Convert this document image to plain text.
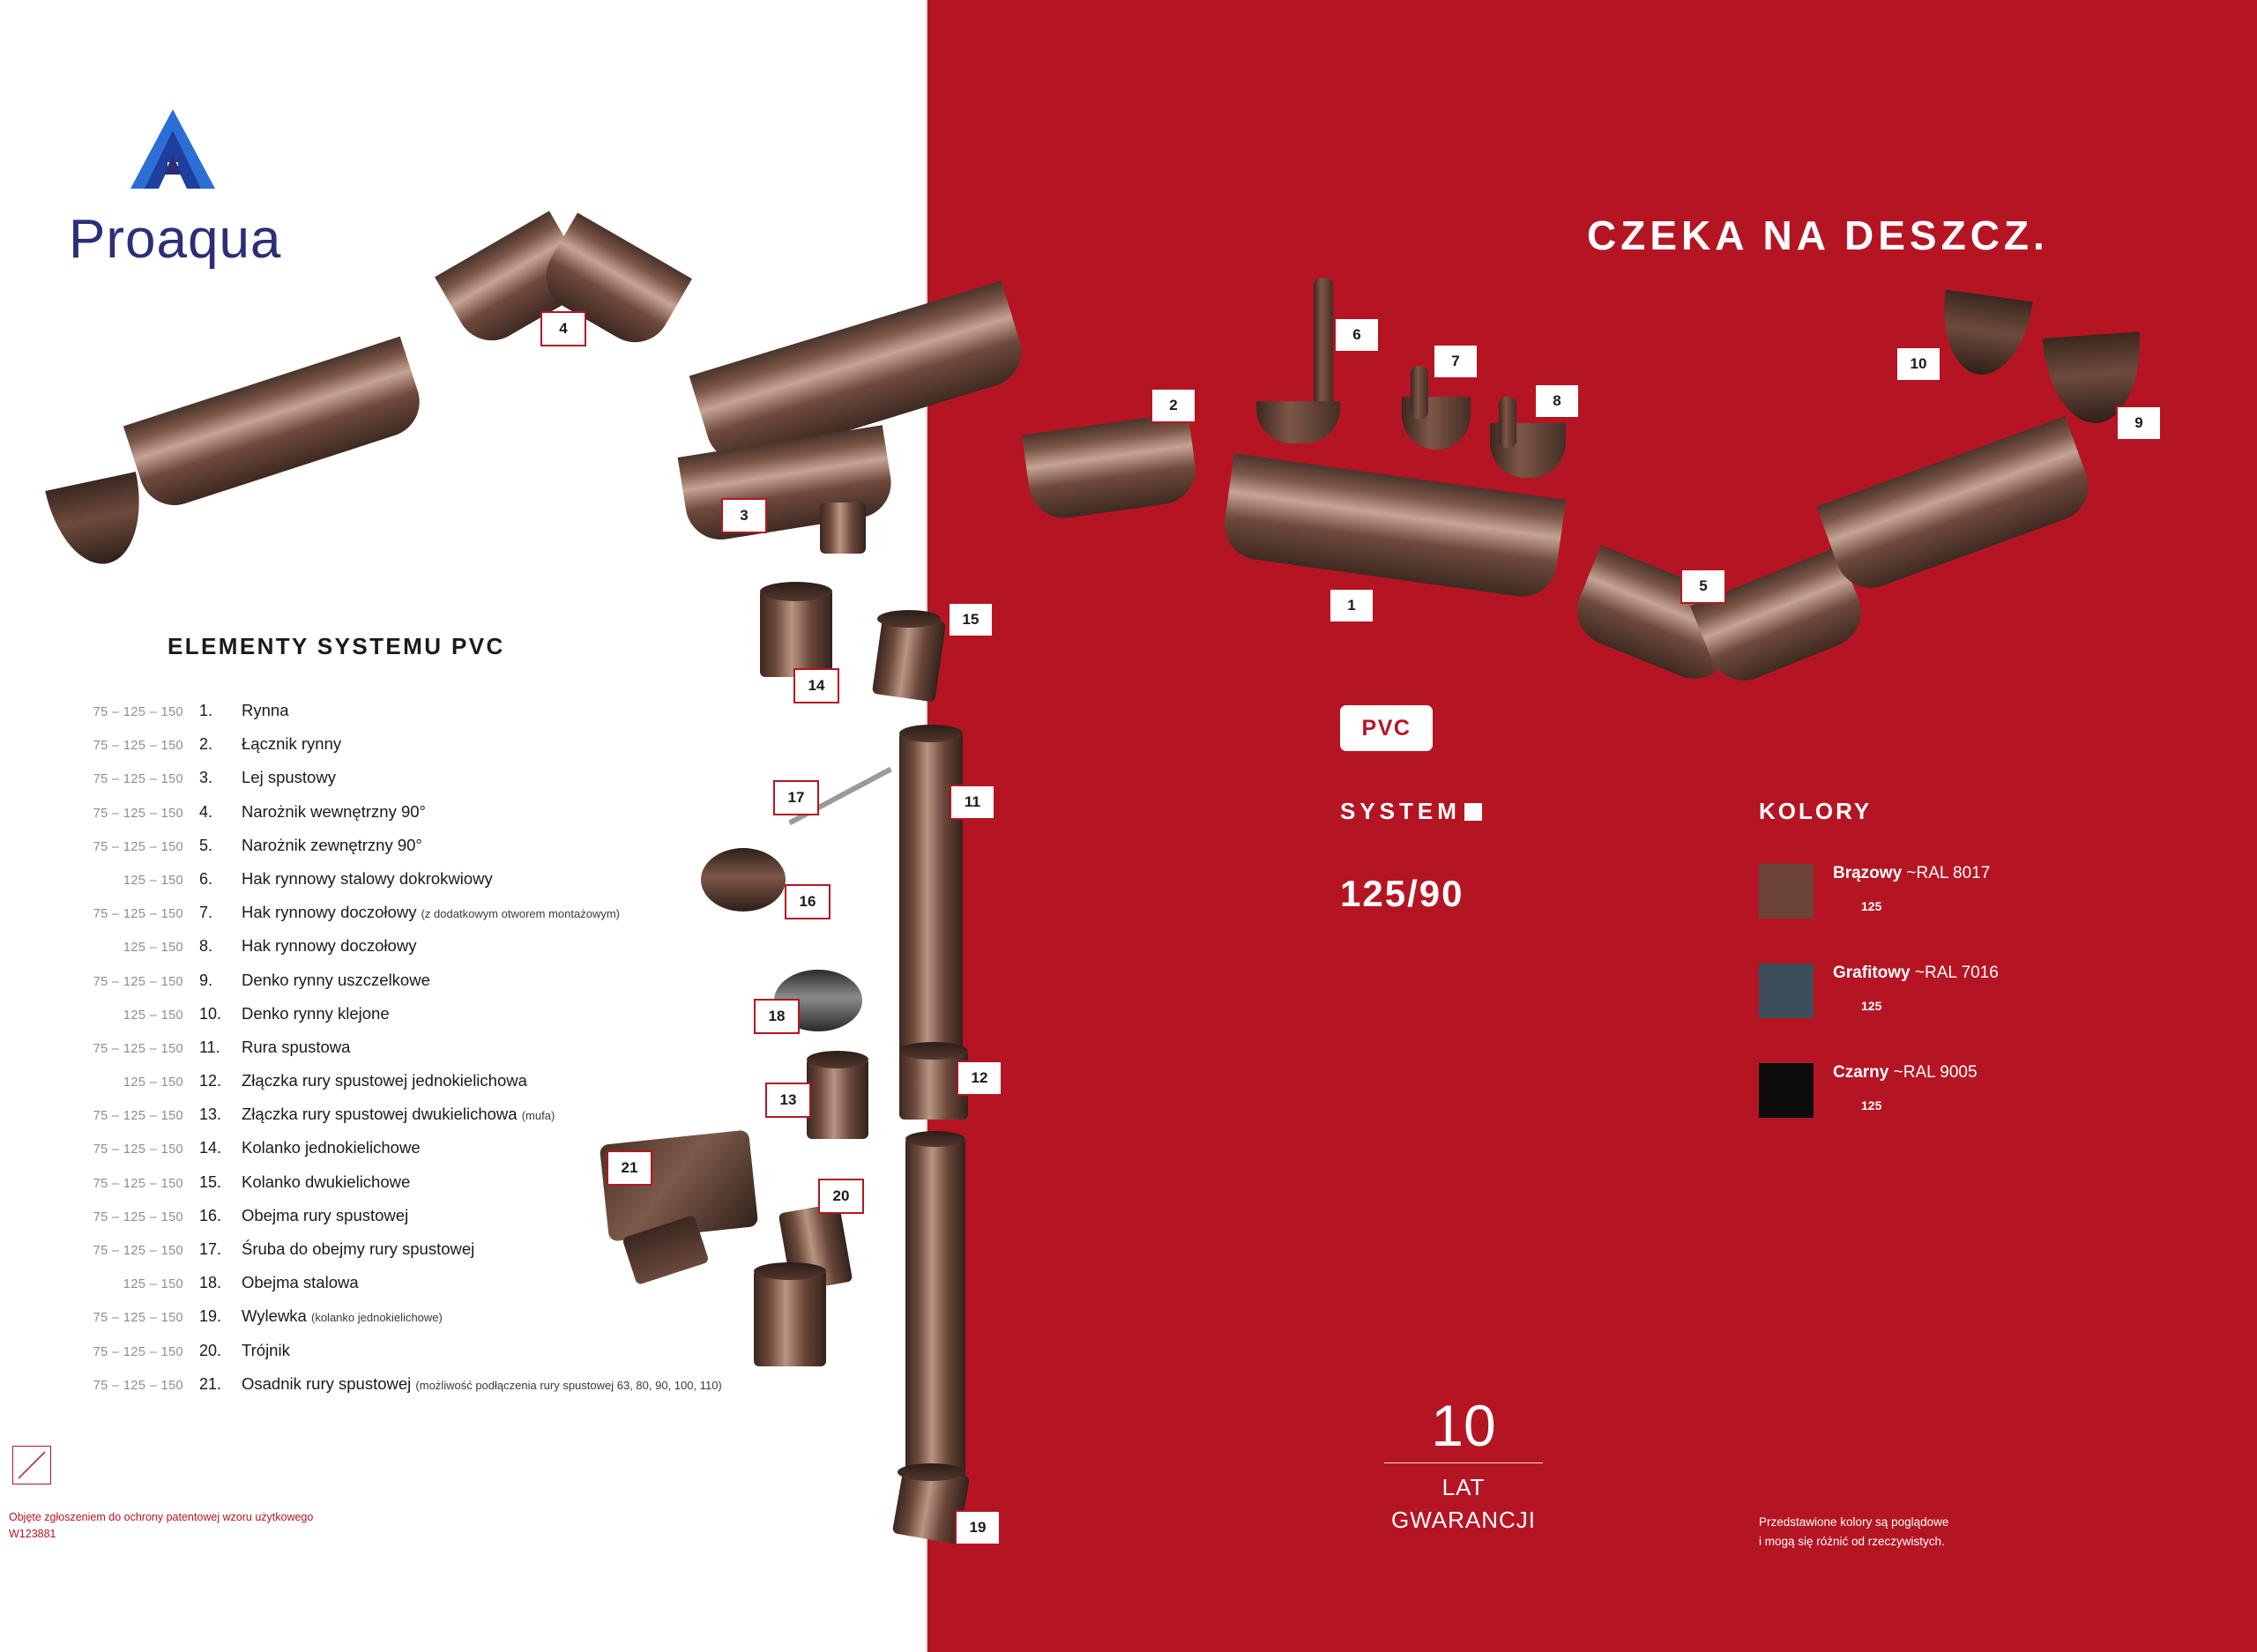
Proaqua
1
2
3
4
5
6
7
8
9
10
11
12
13
14
15
16
17
18
19
20
21
ELEMENTY SYSTEMU PVC
75 – 125 – 150	1.	Rynna
75 – 125 – 150	2.	Łącznik rynny
75 – 125 – 150	3.	Lej spustowy
75 – 125 – 150	4.	Narożnik wewnętrzny 90°
75 – 125 – 150	5.	Narożnik zewnętrzny 90°
125 – 150	6.	Hak rynnowy stalowy dokrokwiowy
75 – 125 – 150	7.	Hak rynnowy doczołowy (z dodatkowym otworem montażowym)
125 – 150	8.	Hak rynnowy doczołowy
75 – 125 – 150	9.	Denko rynny uszczelkowe
125 – 150	10.	Denko rynny klejone
75 – 125 – 150	11.	Rura spustowa
125 – 150	12.	Złączka rury spustowej jednokielichowa
75 – 125 – 150	13.	Złączka rury spustowej dwukielichowa (mufa)
75 – 125 – 150	14.	Kolanko jednokielichowe
75 – 125 – 150	15.	Kolanko dwukielichowe
75 – 125 – 150	16.	Obejma rury spustowej
75 – 125 – 150	17.	Śruba do obejmy rury spustowej
125 – 150	18.	Obejma stalowa
75 – 125 – 150	19.	Wylewka (kolanko jednokielichowe)
75 – 125 – 150	20.	Trójnik
75 – 125 – 150	21.	Osadnik rury spustowej (możliwość podłączenia rury spustowej 63, 80, 90, 100, 110)
Objęte zgłoszeniem do ochrony patentowej wzoru użytkowego
W123881
CZEKA NA DESZCZ.
PVC
SYSTEM
125/90
KOLORY
Brązowy ~RAL 8017
125
Grafitowy ~RAL 7016
125
Czarny ~RAL 9005
125
10
LAT
GWARANCJI	Przedstawione kolory są poglądowe
i mogą się różnić od rzeczywistych.
